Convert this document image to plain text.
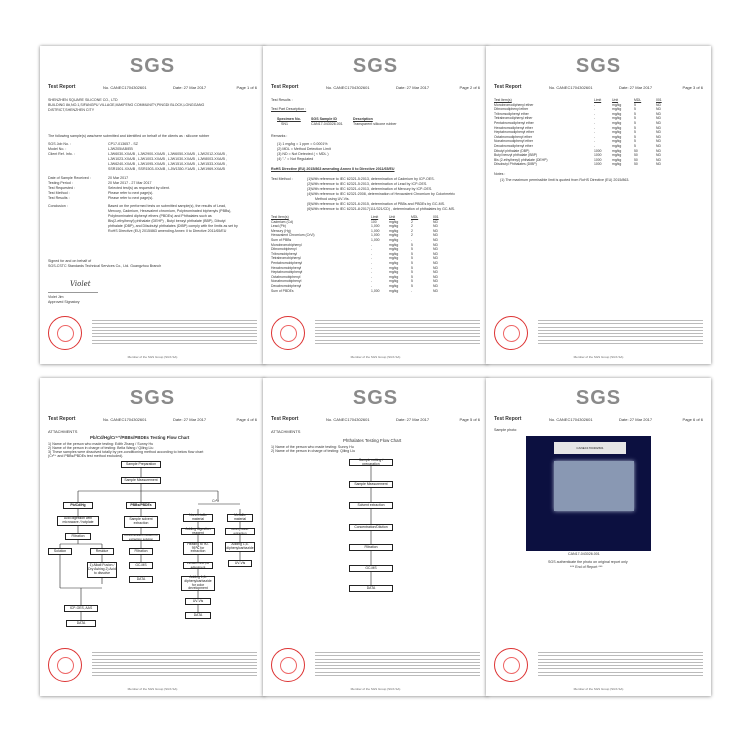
SGS
Test Report	No. CANEC1704302601	Date: 27 Mar 2017	Page 1 of 6
SHENZHEN SQUARE SILICONE CO., LTD
BUILDING 8#,NO.1,SIFANGPU VILLAGE,MAKFENG COMMUNITY,PINGDI BLOCK,LONGGANG
DISTRICT,SHENZHEN CITY
The following sample(s) was/were submitted and identified on behalf of the clients as : silicone rubber
SGS Job No. :	CP17-013657 - SZ
Model No. :	LJW205/AB/EB
Client Ref. Info. :	LJW6030-XXA/B , LJW2900-XXA/B , LJW6050-XXA/B , LJW2012-XXA/B ,
LJW1023-XXA/B , LJW1003-XXA/B , LJW1030-XXA/B , LJW8003-XXA/B ,
LJW6240-XXA/B , LJW1095-XXA/B , LJW1510-XXA/B , LJW1533-XXA/B ,
SSR1501-XXA/B , SSR1503-XXA/B , LJW1350-Y1A/B , LJW1969-XXA/B
Date of Sample Received :	20 Mar 2017
Testing Period :	20 Mar 2017 - 27 Mar 2017
Test Requested :	Selected test(s) as requested by client.
Test Method :	Please refer to next page(s).
Test Results :	Please refer to next page(s).
Conclusion :	Based on the performed tests on submitted sample(s), the results of Lead,
Mercury, Cadmium, Hexavalent chromium, Polybrominated biphenyls (PBBs),
Polybrominated diphenyl ethers (PBDEs) and Phthalates such as
Bis(2-ethylhexyl) phthalate (DEHP) , Butyl benzyl phthalate (BBP), Dibutyl
phthalate (DBP), and Diisobutyl phthalates (DIBP) comply with the limits as set by
RoHS Directive (EU) 2015/863 amending Annex II to Directive 2011/65/EU
Signed for and on behalf of
SGS-CSTC Standards Technical Services Co., Ltd. Guangzhou Branch
Violet
Violet Jim
Approved Signatory
Member of the SGS Group (SGS SA)
SGS
Test Report	No. CANEC1704302601	Date: 27 Mar 2017	Page 2 of 6
Test Results :
Test Part Description :
Specimen No.	SGS Sample ID	Description
SN1	CAN17-043026.001	Transparent silicone rubber
Remarks :
(1) 1 mg/kg = 1 ppm = 0.0001%
(2) MDL = Method Detection Limit
(3) ND = Not Detected ( < MDL )
(4) "-" = Not Regulated
RoHS Directive (EU) 2015/863 amending Annex II to Directive 2011/65/EU
Test Method :	(1)With reference to IEC 62321-5:2013, determination of Cadmium by ICP-OES.
(2)With reference to IEC 62321-5:2013, determination of Lead by ICP-OES.
(3)With reference to IEC 62321-4:2013, determination of Mercury by ICP-OES.
(4)With reference to IEC 62321:2008, determination of Hexavalent Chromium by Colorimetric
Method using UV-Vis.
(5)With reference to IEC 62321-6:2015, determination of PBBs and PBDEs by GC-MS.
(6)With reference to IEC 62321-8:2017(111/321/CD) , determination of phthalates by GC-MS.
Test Item(s)	Limit	Unit	MDL	001
Cadmium (Cd)	100	mg/kg	2	ND
Lead (Pb)	1,000	mg/kg	2	ND
Mercury (Hg)	1,000	mg/kg	2	ND
Hexavalent Chromium (CrVI)	1,000	mg/kg	2	ND
Sum of PBBs	1,000	mg/kg	-	ND
Monobromobiphenyl	-	mg/kg	5	ND
Dibromobiphenyl	-	mg/kg	5	ND
Tribromobiphenyl	-	mg/kg	5	ND
Tetrabromobiphenyl	-	mg/kg	5	ND
Pentabromobiphenyl	-	mg/kg	5	ND
Hexabromobiphenyl	-	mg/kg	5	ND
Heptabromobiphenyl	-	mg/kg	5	ND
Octabromobiphenyl	-	mg/kg	5	ND
Nonabromobiphenyl	-	mg/kg	5	ND
Decabromobiphenyl	-	mg/kg	5	ND
Sum of PBDEs	1,000	mg/kg	-	ND
Member of the SGS Group (SGS SA)
SGS
Test Report	No. CANEC1704302601	Date: 27 Mar 2017	Page 3 of 6
Test Item(s)	Limit	Unit	MDL	001
Monobromodiphenyl ether	-	mg/kg	5	ND
Dibromodiphenyl ether	-	mg/kg	5	ND
Tribromodiphenyl ether	-	mg/kg	5	ND
Tetrabromodiphenyl ether	-	mg/kg	5	ND
Pentabromodiphenyl ether	-	mg/kg	5	ND
Hexabromodiphenyl ether	-	mg/kg	5	ND
Heptabromodiphenyl ether	-	mg/kg	5	ND
Octabromodiphenyl ether	-	mg/kg	5	ND
Nonabromodiphenyl ether	-	mg/kg	5	ND
Decabromodiphenyl ether	-	mg/kg	5	ND
Dibutyl phthalate (DBP)	1000	mg/kg	50	ND
Butyl benzyl phthalate (BBP)	1000	mg/kg	50	ND
Bis (2-ethylhexyl) phthalate (DEHP)	1000	mg/kg	50	ND
Diisobutyl Phthalates (DIBP)	1000	mg/kg	50	ND
Notes :
(1) The maximum permissible limit is quoted from RoHS Directive (EU) 2015/863.
Member of the SGS Group (SGS SA)
SGS
Test Report	No. CANEC1704302601	Date: 27 Mar 2017	Page 4 of 6
ATTACHMENTS
Pb/Cd/Hg/Cr⁶⁺/PBBs/PBDEs Testing Flow Chart
1) Name of the person who made testing: Edith Zhang / Sunny Hu
2) Name of the person in charge of testing: Bella Wang / Qiling Liu
3) These samples were dissolved totally by pre-conditioning method according to below flow chart
(Cr⁶⁺ and PBBs/PBDEs test method excluded).
Sample Preparation
Sample Measurement
Pb/Cd/Hg	PBBs/PBDEs
Cr⁶⁺
Acid digestion with microwave / hotplate
Filtration
Solution	Residue
1) Alkali Fusion / Dry Ashing 2) Acid to dissolve
ICP-OES, AAS
DATA
Sample solvent extraction
Concentration/ Dilution of extraction solution
Filtration
GC-MS
DATA
Nonmetallic material
Adding digestion reagent
Heating to 90-95℃ for extraction
Filtration and pH adjustment
Adding 1,5-diphenylcarbazide for color development
UV-Vis
DATA
Metallic material
Boiling water extraction
Adding 1,5-diphenylcarbazide
UV-Vis
Member of the SGS Group (SGS SA)
SGS
Test Report	No. CANEC1704302601	Date: 27 Mar 2017	Page 5 of 6
ATTACHMENTS
Phthalates Testing Flow Chart
1) Name of the person who made testing: Sunny Hu
2) Name of the person in charge of testing: Qiling Liu
Sample cutting / preparation
Sample Measurement
Solvent extraction
Concentration/Dilution
Filtration
GC-MS
DATA
Member of the SGS Group (SGS SA)
SGS
Test Report	No. CANEC1704302601	Date: 27 Mar 2017	Page 6 of 6
Sample photo:
CANEC1704302601
CAN17-043026.001
SGS authenticate the photo on original report only
*** End of Report ***
Member of the SGS Group (SGS SA)
